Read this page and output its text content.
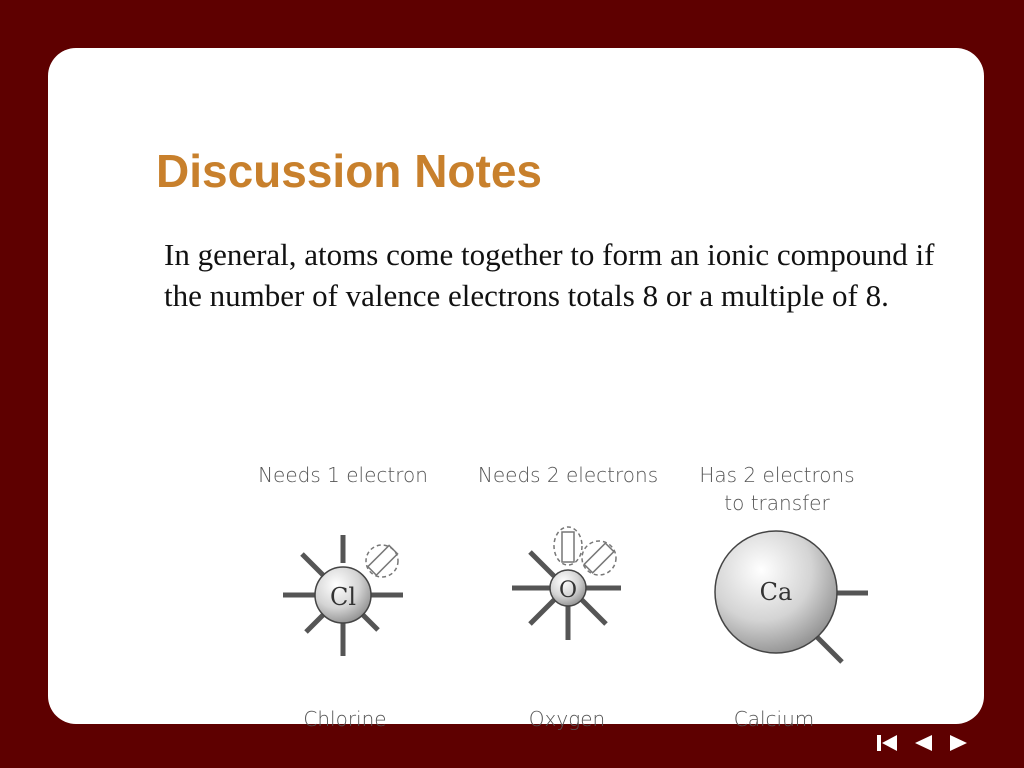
Discussion Notes

In general, atoms come together to form an ionic compound if the number of valence electrons totals 8 or a multiple of 8.

Needs 1 electron Needs 2 electrons Has 2 electrons
to transfer
Cl	O	Ca
Chlorine	Oxygen	Calcium
